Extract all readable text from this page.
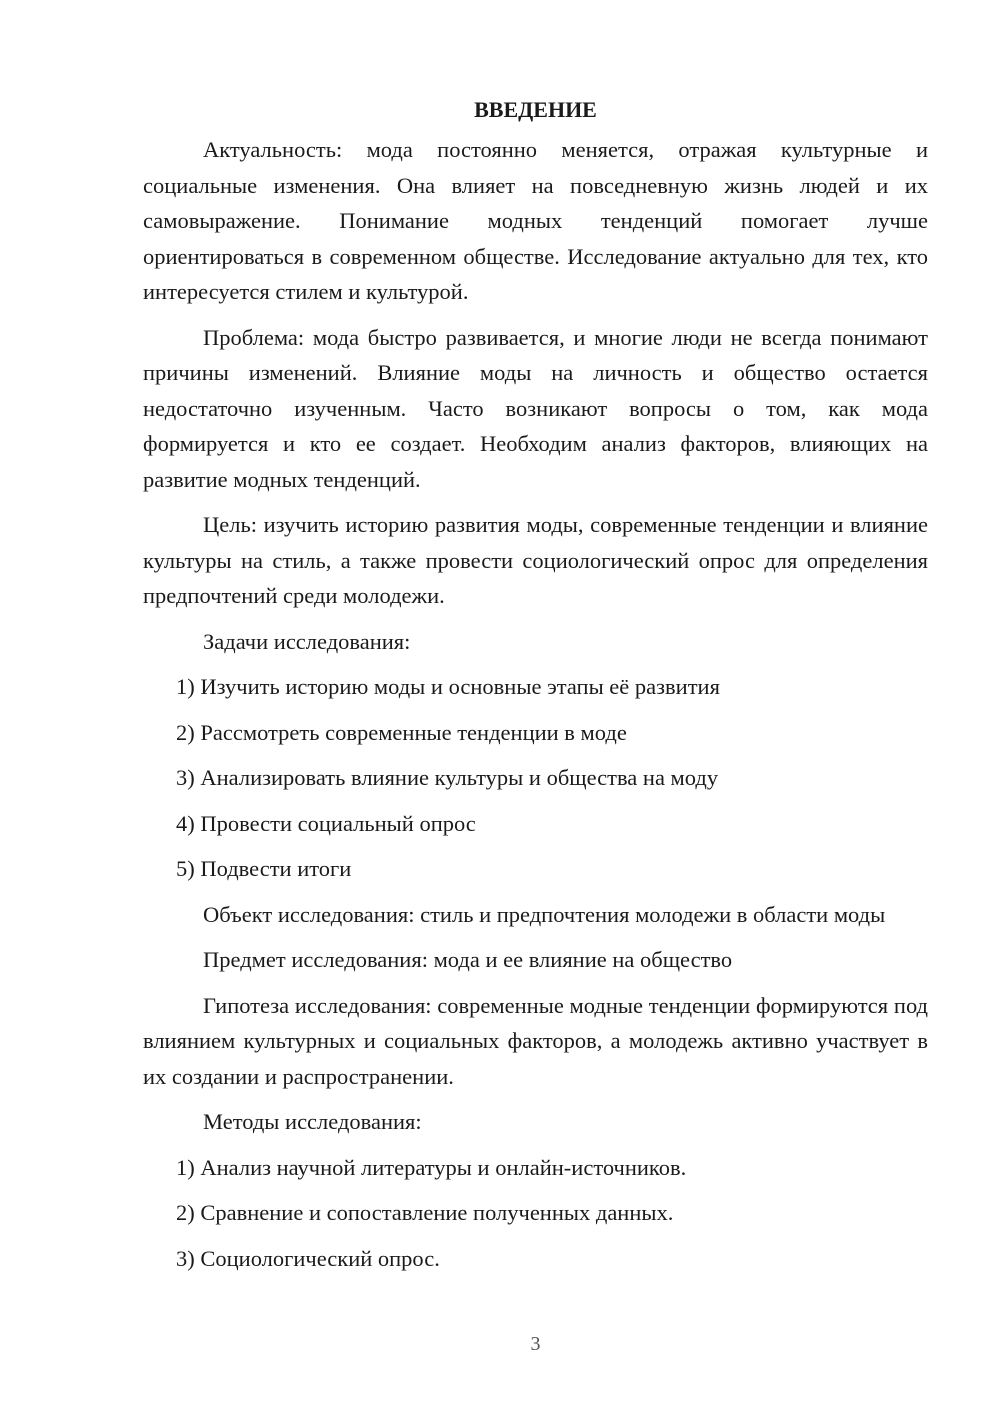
ВВЕДЕНИЕ

Актуальность: мода постоянно меняется, отражая культурные и социальные изменения. Она влияет на повседневную жизнь людей и их самовыражение. Понимание модных тенденций помогает лучше ориентироваться в современном обществе. Исследование актуально для тех, кто интересуется стилем и культурой.

Проблема: мода быстро развивается, и многие люди не всегда понимают причины изменений. Влияние моды на личность и общество остается недостаточно изученным. Часто возникают вопросы о том, как мода формируется и кто ее создает. Необходим анализ факторов, влияющих на развитие модных тенденций.

Цель: изучить историю развития моды, современные тенденции и влияние культуры на стиль, а также провести социологический опрос для определения предпочтений среди молодежи.

Задачи исследования:

1) Изучить историю моды и основные этапы её развития
2) Рассмотреть современные тенденции в моде
3) Анализировать влияние культуры и общества на моду
4) Провести социальный опрос
5) Подвести итоги

Объект исследования: стиль и предпочтения молодежи в области моды

Предмет исследования: мода и ее влияние на общество

Гипотеза исследования: современные модные тенденции формируются под влиянием культурных и социальных факторов, а молодежь активно участвует в их создании и распространении.

Методы исследования:

1) Анализ научной литературы и онлайн-источников.
2) Сравнение и сопоставление полученных данных.
3) Социологический опрос.
3
